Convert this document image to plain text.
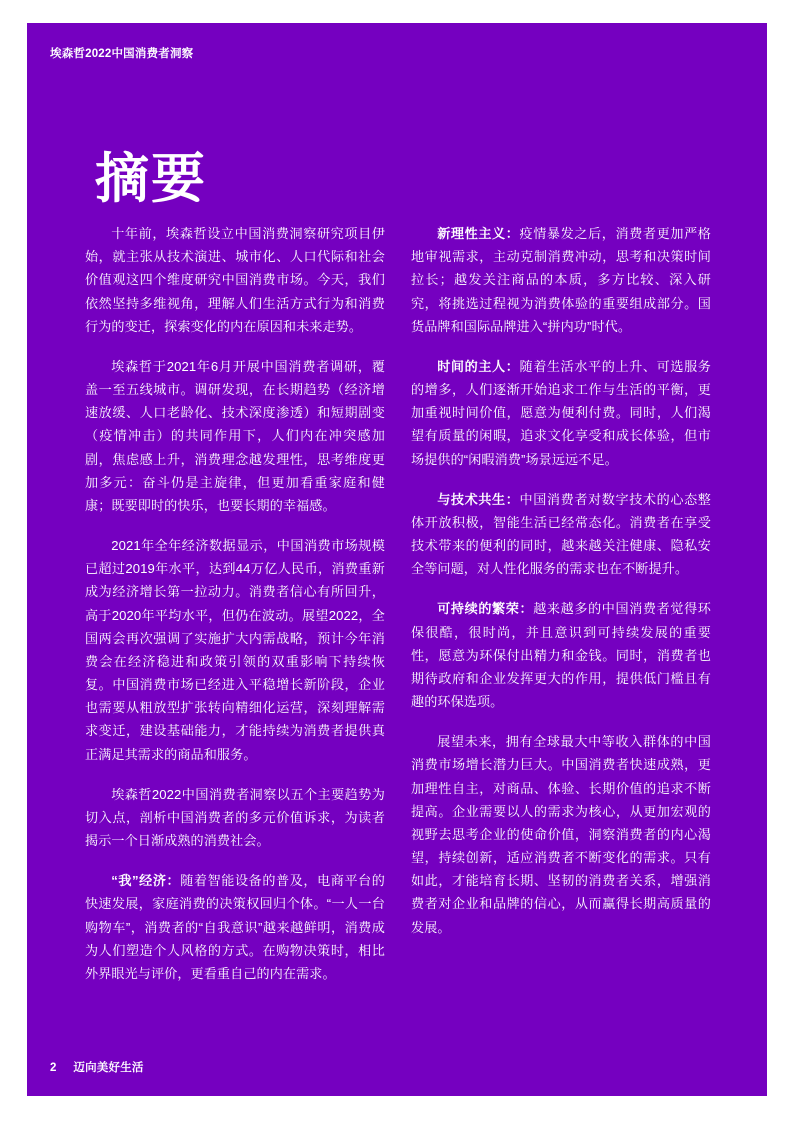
埃森哲2022中国消费者洞察
摘要

十年前，埃森哲设立中国消费洞察研究项目伊始，就主张从技术演进、城市化、人口代际和社会价值观这四个维度研究中国消费市场。今天，我们依然坚持多维视角，理解人们生活方式行为和消费行为的变迁，探索变化的内在原因和未来走势。

埃森哲于2021年6月开展中国消费者调研，覆盖一至五线城市。调研发现，在长期趋势（经济增速放缓、人口老龄化、技术深度渗透）和短期剧变（疫情冲击）的共同作用下，人们内在冲突感加剧，焦虑感上升，消费理念越发理性，思考维度更加多元：奋斗仍是主旋律，但更加看重家庭和健康；既要即时的快乐，也要长期的幸福感。

2021年全年经济数据显示，中国消费市场规模已超过2019年水平，达到44万亿人民币，消费重新成为经济增长第一拉动力。消费者信心有所回升，高于2020年平均水平，但仍在波动。展望2022，全国两会再次强调了实施扩大内需战略，预计今年消费会在经济稳进和政策引领的双重影响下持续恢复。中国消费市场已经进入平稳增长新阶段，企业也需要从粗放型扩张转向精细化运营，深刻理解需求变迁，建设基础能力，才能持续为消费者提供真正满足其需求的商品和服务。

埃森哲2022中国消费者洞察以五个主要趋势为切入点，剖析中国消费者的多元价值诉求，为读者揭示一个日渐成熟的消费社会。

“我”经济：随着智能设备的普及，电商平台的快速发展，家庭消费的决策权回归个体。“一人一台购物车”，消费者的“自我意识”越来越鲜明，消费成为人们塑造个人风格的方式。在购物决策时，相比外界眼光与评价，更看重自己的内在需求。

新理性主义：疫情暴发之后，消费者更加严格地审视需求，主动克制消费冲动，思考和决策时间拉长；越发关注商品的本质，多方比较、深入研究，将挑选过程视为消费体验的重要组成部分。国货品牌和国际品牌进入“拼内功”时代。

时间的主人：随着生活水平的上升、可选服务的增多，人们逐渐开始追求工作与生活的平衡，更加重视时间价值，愿意为便利付费。同时，人们渴望有质量的闲暇，追求文化享受和成长体验，但市场提供的“闲暇消费”场景远远不足。

与技术共生：中国消费者对数字技术的心态整体开放积极，智能生活已经常态化。消费者在享受技术带来的便利的同时，越来越关注健康、隐私安全等问题，对人性化服务的需求也在不断提升。

可持续的繁荣：越来越多的中国消费者觉得环保很酷，很时尚，并且意识到可持续发展的重要性，愿意为环保付出精力和金钱。同时，消费者也期待政府和企业发挥更大的作用，提供低门槛且有趣的环保选项。

展望未来，拥有全球最大中等收入群体的中国消费市场增长潜力巨大。中国消费者快速成熟，更加理性自主，对商品、体验、长期价值的追求不断提高。企业需要以人的需求为核心，从更加宏观的视野去思考企业的使命价值，洞察消费者的内心渴望，持续创新，适应消费者不断变化的需求。只有如此，才能培育长期、坚韧的消费者关系，增强消费者对企业和品牌的信心，从而赢得长期高质量的发展。

2 迈向美好生活
